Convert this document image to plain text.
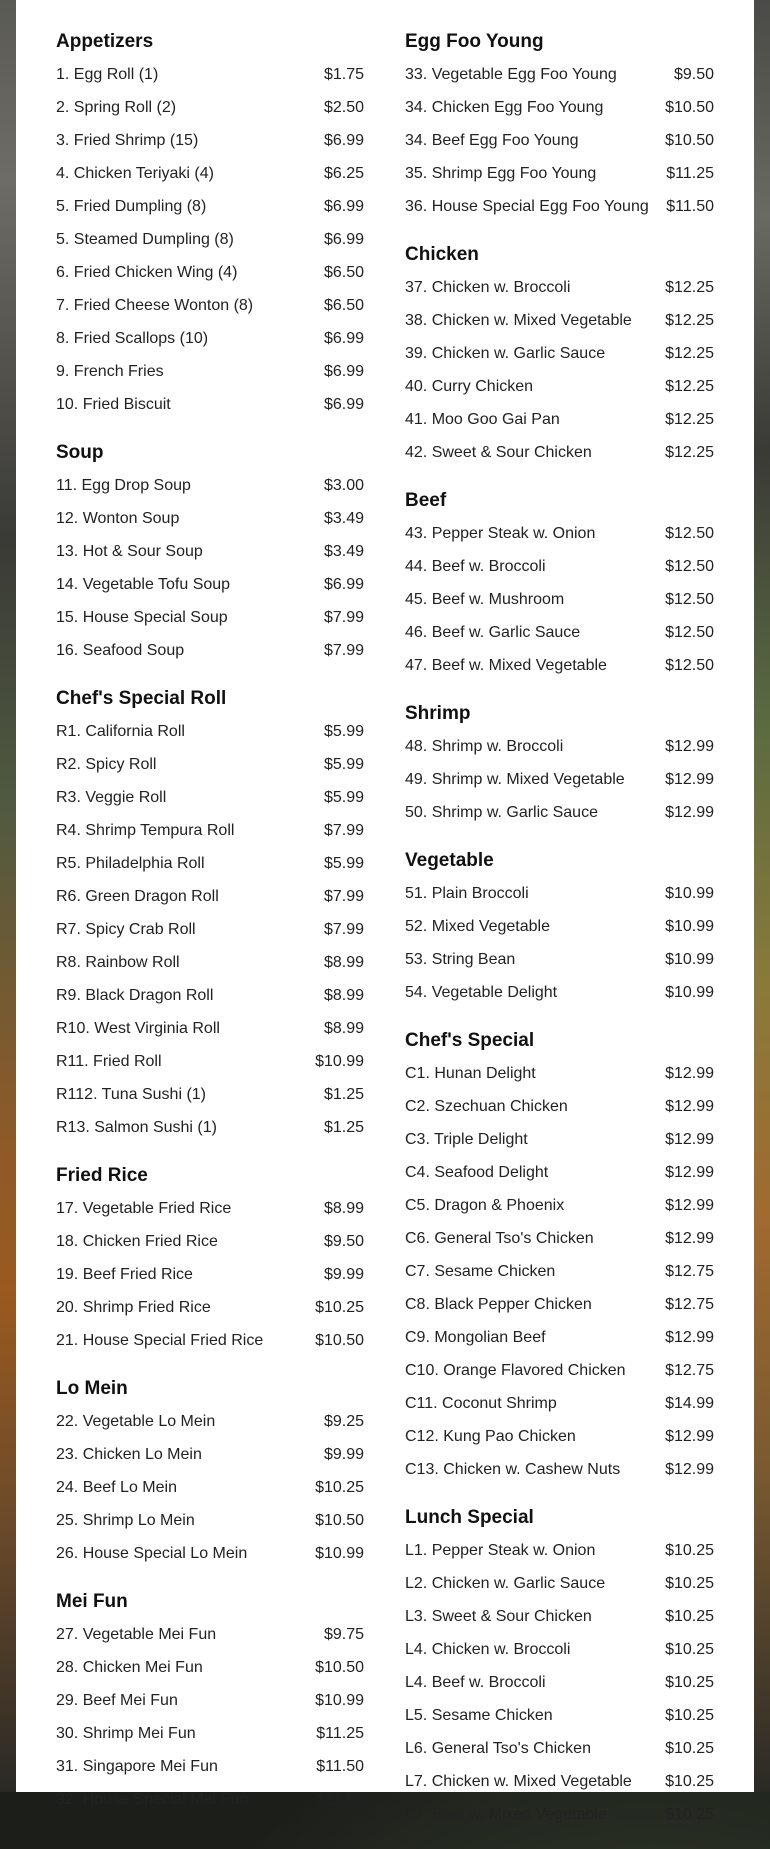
Appetizers
1. Egg Roll (1)	$1.75
2. Spring Roll (2)	$2.50
3. Fried Shrimp (15)	$6.99
4. Chicken Teriyaki (4)	$6.25
5. Fried Dumpling (8)	$6.99
5. Steamed Dumpling (8)	$6.99
6. Fried Chicken Wing (4)	$6.50
7. Fried Cheese Wonton (8)	$6.50
8. Fried Scallops (10)	$6.99
9. French Fries	$6.99
10. Fried Biscuit	$6.99
Soup
11. Egg Drop Soup	$3.00
12. Wonton Soup	$3.49
13. Hot & Sour Soup	$3.49
14. Vegetable Tofu Soup	$6.99
15. House Special Soup	$7.99
16. Seafood Soup	$7.99
Chef's Special Roll
R1. California Roll	$5.99
R2. Spicy Roll	$5.99
R3. Veggie Roll	$5.99
R4. Shrimp Tempura Roll	$7.99
R5. Philadelphia Roll	$5.99
R6. Green Dragon Roll	$7.99
R7. Spicy Crab Roll	$7.99
R8. Rainbow Roll	$8.99
R9. Black Dragon Roll	$8.99
R10. West Virginia Roll	$8.99
R11. Fried Roll	$10.99
R112. Tuna Sushi (1)	$1.25
R13. Salmon Sushi (1)	$1.25
Fried Rice
17. Vegetable Fried Rice	$8.99
18. Chicken Fried Rice	$9.50
19. Beef Fried Rice	$9.99
20. Shrimp Fried Rice	$10.25
21. House Special Fried Rice	$10.50
Lo Mein
22. Vegetable Lo Mein	$9.25
23. Chicken Lo Mein	$9.99
24. Beef Lo Mein	$10.25
25. Shrimp Lo Mein	$10.50
26. House Special Lo Mein	$10.99
Mei Fun
27. Vegetable Mei Fun	$9.75
28. Chicken Mei Fun	$10.50
29. Beef Mei Fun	$10.99
30. Shrimp Mei Fun	$11.25
31. Singapore Mei Fun	$11.50
32. House Special Mei Fun	$11.50
Egg Foo Young
33. Vegetable Egg Foo Young	$9.50
34. Chicken Egg Foo Young	$10.50
34. Beef Egg Foo Young	$10.50
35. Shrimp Egg Foo Young	$11.25
36. House Special Egg Foo Young $11.50
Chicken
37. Chicken w. Broccoli	$12.25
38. Chicken w. Mixed Vegetable $12.25
39. Chicken w. Garlic Sauce	$12.25
40. Curry Chicken	$12.25
41. Moo Goo Gai Pan	$12.25
42. Sweet & Sour Chicken	$12.25
Beef
43. Pepper Steak w. Onion	$12.50
44. Beef w. Broccoli	$12.50
45. Beef w. Mushroom	$12.50
46. Beef w. Garlic Sauce	$12.50
47. Beef w. Mixed Vegetable	$12.50
Shrimp
48. Shrimp w. Broccoli	$12.99
49. Shrimp w. Mixed Vegetable	$12.99
50. Shrimp w. Garlic Sauce	$12.99
Vegetable
51. Plain Broccoli	$10.99
52. Mixed Vegetable	$10.99
53. String Bean	$10.99
54. Vegetable Delight	$10.99
Chef's Special
C1. Hunan Delight	$12.99
C2. Szechuan Chicken	$12.99
C3. Triple Delight	$12.99
C4. Seafood Delight	$12.99
C5. Dragon & Phoenix	$12.99
C6. General Tso's Chicken	$12.99
C7. Sesame Chicken	$12.75
C8. Black Pepper Chicken	$12.75
C9. Mongolian Beef	$12.99
C10. Orange Flavored Chicken $12.75
C11. Coconut Shrimp	$14.99
C12. Kung Pao Chicken	$12.99
C13. Chicken w. Cashew Nuts	$12.99
Lunch Special
L1. Pepper Steak w. Onion	$10.25
L2. Chicken w. Garlic Sauce	$10.25
L3. Sweet & Sour Chicken	$10.25
L4. Chicken w. Broccoli	$10.25
L4. Beef w. Broccoli	$10.25
L5. Sesame Chicken	$10.25
L6. General Tso's Chicken	$10.25
L7. Chicken w. Mixed Vegetable $10.25
L7. Beef w. Mixed Vegetable	$10.25
